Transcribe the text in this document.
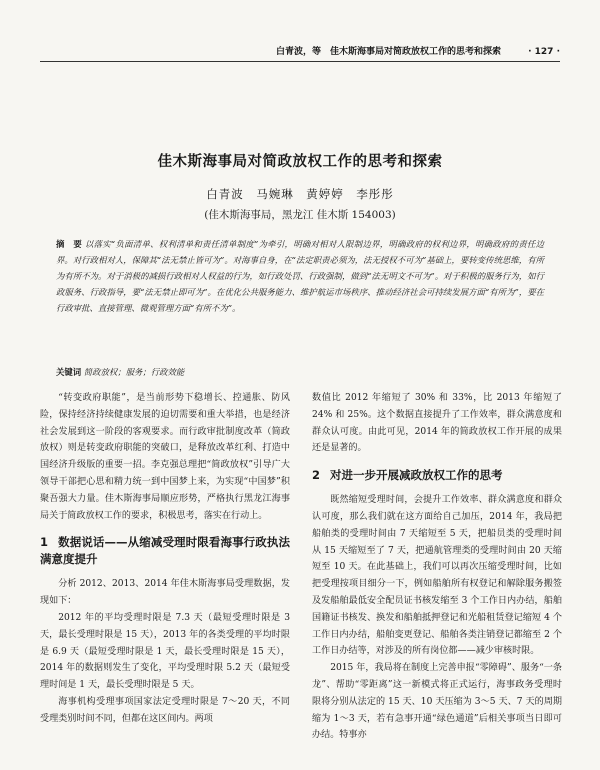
白青波，等　佳木斯海事局对简政放权工作的思考和探索	· 127 ·
佳木斯海事局对简政放权工作的思考和探索
白青波　马婉琳　黄婷婷　李彤彤
(佳木斯海事局，黑龙江 佳木斯 154003)
摘　要 以落实“负面清单、权利清单和责任清单制度”为牵引，明确对相对人限制边界，明确政府的权利边界，明确政府的责任边界。对行政相对人，保障其“法无禁止皆可为”。对海事自身，在“法定职责必须为，法无授权不可为”基础上，要转变传统思维，有所为有所不为。对于消极的减损行政相对人权益的行为，如行政处罚、行政强制，做到“法无明文不可为”。对于积极的服务行为，如行政服务、行政指导，要“法无禁止即可为”。在优化公共服务能力、维护航运市场秩序、推动经济社会可持续发展方面“有所为”，要在行政审批、直接管理、微观管理方面“有所不为”。
关键词 简政放权；服务；行政效能

“转变政府职能”，是当前形势下稳增长、控通胀、防风险，保持经济持续健康发展的迫切需要和重大举措，也是经济社会发展到这一阶段的客观要求。而行政审批制度改革（简政放权）则是转变政府职能的突破口，是释放改革红利、打造中国经济升级版的重要一招。李克强总理把“简政放权”引导广大领导干部把心思和精力统一到中国梦上来，为实现“中国梦”积聚吾强大力量。佳木斯海事局顺应形势，严格执行黑龙江海事局关于简政放权工作的要求，积极思考，落实在行动上。

1 数据说话——从缩减受理时限看海事行政执法满意度提升

分析 2012、2013、2014 年佳木斯海事局受理数据，发现如下：

2012 年的平均受理时限是 7.3 天（最短受理时限是 3 天，最长受理时限是 15 天），2013 年的各类受理的平均时限是 6.9 天（最短受理时限是 1 天，最长受理时限是 15 天），2014 年的数据则发生了变化，平均受理时限 5.2 天（最短受理时间是 1 天，最长受理时限是 5 天。

海事机构受理事项国家法定受理时限是 7～20 天，不同受理类别时间不同，但都在这区间内。两项

数值比 2012 年缩短了 30% 和 33%，比 2013 年缩短了 24% 和 25%。这个数据直接提升了工作效率，群众满意度和群众认可度。由此可见，2014 年的简政放权工作开展的成果还是显著的。

2 对进一步开展减政放权工作的思考

既然缩短受理时间，会提升工作效率、群众满意度和群众认可度，那么我们就在这方面给自己加压，2014 年，我局把船舶类的受理时间由 7 天缩短至 5 天，把船员类的受理时间从 15 天缩短至了 7 天，把通航管理类的受理时间由 20 天缩短至 10 天。在此基础上，我们可以再次压缩受理时间，比如把受理按项目细分一下，例如船舶所有权登记和解除服务搬签及发船舶最低安全配员证书核发缩至 3 个工作日内办结，船舶国籍证书核发、换发和船舶抵押登记和光船租赁登记缩短 4 个工作日内办结，船舶变更登记、船舶各类注销登记都缩至 2 个工作日办结等，对涉及的所有岗位都——减少审核时限。

2015 年，我局将在制度上完善申报“零障碍”、服务“一条龙”、帮助“零距离”这一新模式将正式运行，海事政务受理时限将分别从法定的 15 天、10 天压缩为 3～5 天、7 天的周期缩为 1～3 天，若有急事开通“绿色通道”后相关事项当日即可办结。特事亦
